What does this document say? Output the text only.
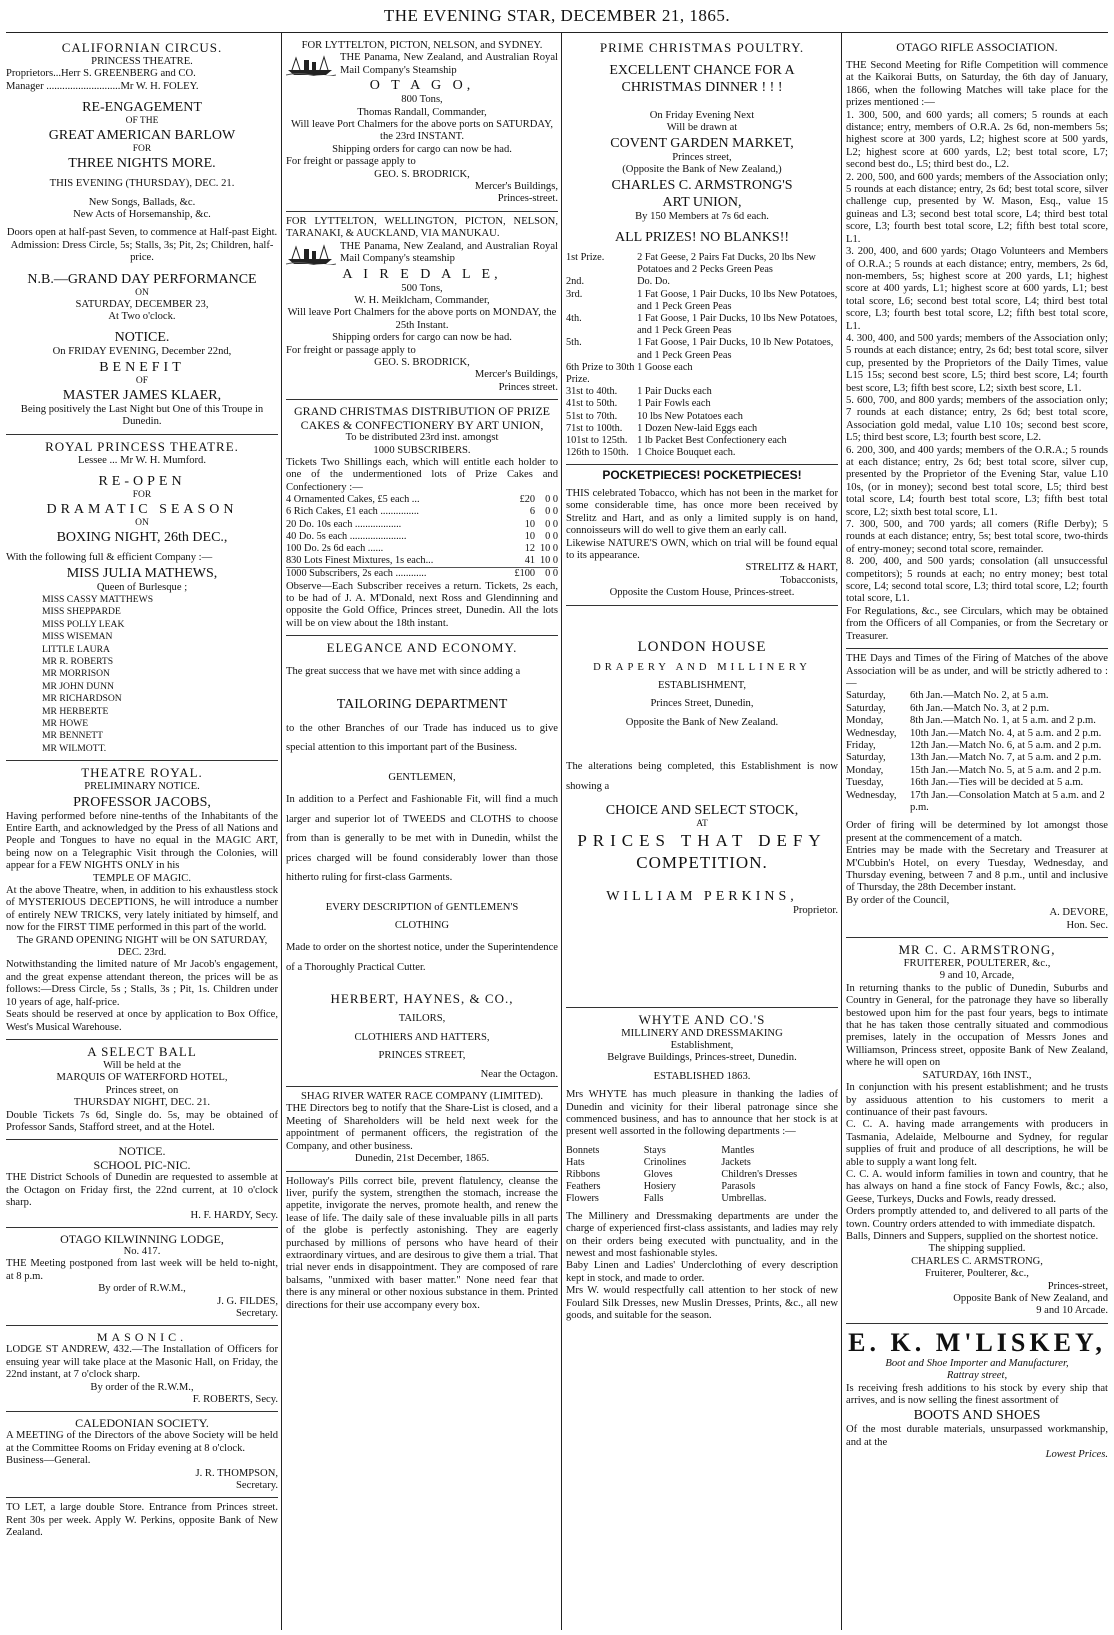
THE EVENING STAR, DECEMBER 21, 1865.
CALIFORNIAN CIRCUS.
PRINCESS THEATRE.
Proprietors...Herr S. GREENBERG and CO.
Manager ............................Mr W. H. FOLEY.
RE-ENGAGEMENT
OF THE
GREAT AMERICAN BARLOW
FOR
THREE NIGHTS MORE.
THIS EVENING (THURSDAY), DEC. 21.
New Songs, Ballads, &c.
New Acts of Horsemanship, &c.
Doors open at half-past Seven, to commence at Half-past Eight.
Admission: Dress Circle, 5s; Stalls, 3s; Pit, 2s; Children, half-price.
N.B.—GRAND DAY PERFORMANCE
ON
SATURDAY, DECEMBER 23,
At Two o'clock.
NOTICE.
On FRIDAY EVENING, December 22nd,
BENEFIT
OF
MASTER JAMES KLAER,
Being positively the Last Night but One of this Troupe in Dunedin.
ROYAL PRINCESS THEATRE.
Lessee ... Mr W. H. Mumford.
RE-OPEN
FOR
DRAMATIC SEASON
ON
BOXING NIGHT, 26th DEC.,
With the following full & efficient Company :—
MISS JULIA MATHEWS,
Queen of Burlesque ;
MISS CASSY MATTHEWS
MISS SHEPPARDE
MISS POLLY LEAK
MISS WISEMAN
LITTLE LAURA
MR R. ROBERTS
MR MORRISON
MR JOHN DUNN
MR RICHARDSON
MR HERBERTE
MR HOWE
MR BENNETT
MR WILMOTT.
THEATRE ROYAL.
PRELIMINARY NOTICE.
PROFESSOR JACOBS,
Having performed before nine-tenths of the Inhabitants of the Entire Earth, and acknowledged by the Press of all Nations and People and Tongues to have no equal in the MAGIC ART, being now on a Telegraphic Visit through the Colonies, will appear for a FEW NIGHTS ONLY in his
TEMPLE OF MAGIC.
At the above Theatre, when, in addition to his exhaustless stock of MYSTERIOUS DECEPTIONS, he will introduce a number of entirely NEW TRICKS, very lately initiated by himself, and now for the FIRST TIME performed in this part of the world.
The GRAND OPENING NIGHT will be ON SATURDAY, DEC. 23rd.
Notwithstanding the limited nature of Mr Jacob's engagement, and the great expense attendant thereon, the prices will be as follows:—Dress Circle, 5s ; Stalls, 3s ; Pit, 1s. Children under 10 years of age, half-price.
Seats should be reserved at once by application to Box Office, West's Musical Warehouse.
A SELECT BALL
Will be held at the
MARQUIS OF WATERFORD HOTEL,
Princes street, on
THURSDAY NIGHT, DEC. 21.
Double Tickets 7s 6d, Single do. 5s, may be obtained of Professor Sands, Stafford street, and at the Hotel.
NOTICE.
SCHOOL PIC-NIC.
THE District Schools of Dunedin are requested to assemble at the Octagon on Friday first, the 22nd current, at 10 o'clock sharp.
H. F. HARDY, Secy.
OTAGO KILWINNING LODGE,
No. 417.
THE Meeting postponed from last week will be held to-night, at 8 p.m.
By order of R.W.M.,
J. G. FILDES,
Secretary.
MASONIC.
LODGE ST ANDREW, 432.—The Installation of Officers for ensuing year will take place at the Masonic Hall, on Friday, the 22nd instant, at 7 o'clock sharp.
By order of the R.W.M.,
F. ROBERTS, Secy.
CALEDONIAN SOCIETY.
A MEETING of the Directors of the above Society will be held at the Committee Rooms on Friday evening at 8 o'clock.
Business—General.
J. R. THOMPSON,
Secretary.
TO LET, a large double Store. Entrance from Princes street. Rent 30s per week. Apply W. Perkins, opposite Bank of New Zealand.
FOR LYTTELTON, PICTON, NELSON, and SYDNEY.
THE Panama, New Zealand, and Australian Royal Mail Company's Steamship
O T A G O,
800 Tons,
Thomas Randall, Commander,
Will leave Port Chalmers for the above ports on SATURDAY, the 23rd INSTANT.
Shipping orders for cargo can now be had.
For freight or passage apply to
GEO. S. BRODRICK,
Mercer's Buildings,
Princes-street.
FOR LYTTELTON, WELLINGTON, PICTON, NELSON, TARANAKI, & AUCKLAND, VIA MANUKAU.
THE Panama, New Zealand, and Australian Royal Mail Company's steamship
A I R E D A L E,
500 Tons,
W. H. Meiklcham, Commander,
Will leave Port Chalmers for the above ports on MONDAY, the 25th Instant.
Shipping orders for cargo can now be had.
For freight or passage apply to
GEO. S. BRODRICK,
Mercer's Buildings,
Princes street.
GRAND CHRISTMAS DISTRIBUTION OF PRIZE CAKES & CONFECTIONERY BY ART UNION,
To be distributed 23rd inst. amongst
1000 SUBSCRIBERS.
Tickets Two Shillings each, which will entitle each holder to one of the undermentioned lots of Prize Cakes and Confectionery :—
4 Ornamented Cakes, £5 each ...	£20	0	0
6 Rich Cakes, £1 each ...............	6	0	0
20 Do. 10s each ..................	10	0	0
40 Do. 5s each ......................	10	0	0
100 Do. 2s 6d each ......	12	10	0
830 Lots Finest Mixtures, 1s each...	41	10	0
1000 Subscribers, 2s each ............	£100	0	0
Observe—Each Subscriber receives a return. Tickets, 2s each, to be had of J. A. M'Donald, next Ross and Glendinning and opposite the Gold Office, Princes street, Dunedin. All the lots will be on view about the 18th instant.
ELEGANCE AND ECONOMY.
The great success that we have met with since adding a
TAILORING DEPARTMENT
to the other Branches of our Trade has induced us to give special attention to this important part of the Business.
GENTLEMEN,
In addition to a Perfect and Fashionable Fit, will find a much larger and superior lot of TWEEDS and CLOTHS to choose from than is generally to be met with in Dunedin, whilst the prices charged will be found considerably lower than those hitherto ruling for first-class Garments.
EVERY DESCRIPTION of GENTLEMEN'S
CLOTHING
Made to order on the shortest notice, under the Superintendence of a Thoroughly Practical Cutter.
HERBERT, HAYNES, & CO.,
TAILORS,
CLOTHIERS AND HATTERS,
PRINCES STREET,
Near the Octagon.
SHAG RIVER WATER RACE COMPANY (LIMITED).
THE Directors beg to notify that the Share-List is closed, and a Meeting of Shareholders will be held next week for the appointment of permanent officers, the registration of the Company, and other business.
Dunedin, 21st December, 1865.
Holloway's Pills correct bile, prevent flatulency, cleanse the liver, purify the system, strengthen the stomach, increase the appetite, invigorate the nerves, promote health, and renew the lease of life. The daily sale of these invaluable pills in all parts of the globe is perfectly astonishing. They are eagerly purchased by millions of persons who have heard of their extraordinary virtues, and are desirous to give them a trial. That trial never ends in disappointment. They are composed of rare balsams, "unmixed with baser matter." None need fear that there is any mineral or other noxious substance in them. Printed directions for their use accompany every box.
PRIME CHRISTMAS POULTRY.
EXCELLENT CHANCE FOR A
CHRISTMAS DINNER ! ! !
On Friday Evening Next
Will be drawn at
COVENT GARDEN MARKET,
Princes street,
(Opposite the Bank of New Zealand,)
CHARLES C. ARMSTRONG'S
ART UNION,
By 150 Members at 7s 6d each.
ALL PRIZES! NO BLANKS!!
1st Prize.	2 Fat Geese, 2 Pairs Fat Ducks, 20 lbs New Potatoes and 2 Pecks Green Peas
2nd.	Do. Do.
3rd.	1 Fat Goose, 1 Pair Ducks, 10 lbs New Potatoes, and 1 Peck Green Peas
4th.	1 Fat Goose, 1 Pair Ducks, 10 lbs New Potatoes, and 1 Peck Green Peas
5th.	1 Fat Goose, 1 Pair Ducks, 10 lb New Potatoes, and 1 Peck Green Peas
6th Prize to 30th Prize.	1 Goose each
31st to 40th.	1 Pair Ducks each
41st to 50th.	1 Pair Fowls each
51st to 70th.	10 lbs New Potatoes each
71st to 100th.	1 Dozen New-laid Eggs each
101st to 125th.	1 lb Packet Best Confectionery each
126th to 150th.	1 Choice Bouquet each.
POCKETPIECES! POCKETPIECES!
THIS celebrated Tobacco, which has not been in the market for some considerable time, has once more been received by Strelitz and Hart, and as only a limited supply is on hand, connoisseurs will do well to give them an early call.
Likewise NATURE'S OWN, which on trial will be found equal to its appearance.
STRELITZ & HART,
Tobacconists,
Opposite the Custom House, Princes-street.
LONDON HOUSE
DRAPERY AND MILLINERY
ESTABLISHMENT,
Princes Street, Dunedin,
Opposite the Bank of New Zealand.
The alterations being completed, this Establishment is now showing a
CHOICE AND SELECT STOCK,
AT
PRICES THAT DEFY
COMPETITION.
WILLIAM PERKINS,
Proprietor.
WHYTE AND CO.'S
MILLINERY AND DRESSMAKING
Establishment,
Belgrave Buildings, Princes-street, Dunedin.
ESTABLISHED 1863.
Mrs WHYTE has much pleasure in thanking the ladies of Dunedin and vicinity for their liberal patronage since she commenced business, and has to announce that her stock is at present well assorted in the following departments :—
Bonnets	Stays	Mantles
Hats	Crinolines	Jackets
Ribbons	Gloves	Children's Dresses
Feathers	Hosiery	Parasols
Flowers	Falls	Umbrellas.
The Millinery and Dressmaking departments are under the charge of experienced first-class assistants, and ladies may rely on their orders being executed with punctuality, and in the newest and most fashionable styles.
Baby Linen and Ladies' Underclothing of every description kept in stock, and made to order.
Mrs W. would respectfully call attention to her stock of new Foulard Silk Dresses, new Muslin Dresses, Prints, &c., all new goods, and suitable for the season.
OTAGO RIFLE ASSOCIATION.
THE Second Meeting for Rifle Competition will commence at the Kaikorai Butts, on Saturday, the 6th day of January, 1866, when the following Matches will take place for the prizes mentioned :—
1. 300, 500, and 600 yards; all comers; 5 rounds at each distance; entry, members of O.R.A. 2s 6d, non-members 5s; highest score at 300 yards, L2; highest score at 500 yards, L2; highest score at 600 yards, L2; best total score, L7; second best do., L5; third best do., L2.
2. 200, 500, and 600 yards; members of the Association only; 5 rounds at each distance; entry, 2s 6d; best total score, silver challenge cup, presented by W. Mason, Esq., value 15 guineas and L3; second best total score, L4; third best total score, L3; fourth best total score, L2; fifth best total score, L1.
3. 200, 400, and 600 yards; Otago Volunteers and Members of O.R.A.; 5 rounds at each distance; entry, members, 2s 6d, non-members, 5s; highest score at 200 yards, L1; highest score at 400 yards, L1; highest score at 600 yards, L1; best total score, L6; second best total score, L4; third best total score, L3; fourth best total score, L2; fifth best total score, L1.
4. 300, 400, and 500 yards; members of the Association only; 5 rounds at each distance; entry, 2s 6d; best total score, silver cup, presented by the Proprietors of the Daily Times, value L15 15s; second best score, L5; third best score, L4; fourth best score, L3; fifth best score, L2; sixth best score, L1.
5. 600, 700, and 800 yards; members of the association only; 7 rounds at each distance; entry, 2s 6d; best total score, Association gold medal, value L10 10s; second best score, L5; third best score, L3; fourth best score, L2.
6. 200, 300, and 400 yards; members of the O.R.A.; 5 rounds at each distance; entry, 2s 6d; best total score, silver cup, presented by the Proprietor of the Evening Star, value L10 10s, (or in money); second best total score, L5; third best total score, L4; fourth best total score, L3; fifth best total score, L2; sixth best total score, L1.
7. 300, 500, and 700 yards; all comers (Rifle Derby); 5 rounds at each distance; entry, 5s; best total score, two-thirds of entry-money; second total score, remainder.
8. 200, 400, and 500 yards; consolation (all unsuccessful competitors); 5 rounds at each; no entry money; best total score, L4; second total score, L3; third total score, L2; fourth total score, L1.
For Regulations, &c., see Circulars, which may be obtained from the Officers of all Companies, or from the Secretary or Treasurer.
THE Days and Times of the Firing of Matches of the above Association will be as under, and will be strictly adhered to :—
Saturday,	6th Jan.—Match No. 2, at 5 a.m.
Saturday,	6th Jan.—Match No. 3, at 2 p.m.
Monday,	8th Jan.—Match No. 1, at 5 a.m. and 2 p.m.
Wednesday,	10th Jan.—Match No. 4, at 5 a.m. and 2 p.m.
Friday,	12th Jan.—Match No. 6, at 5 a.m. and 2 p.m.
Saturday,	13th Jan.—Match No. 7, at 5 a.m. and 2 p.m.
Monday,	15th Jan.—Match No. 5, at 5 a.m. and 2 p.m.
Tuesday,	16th Jan.—Ties will be decided at 5 a.m.
Wednesday,	17th Jan.—Consolation Match at 5 a.m. and 2 p.m.
Order of firing will be determined by lot amongst those present at the commencement of a match.
Entries may be made with the Secretary and Treasurer at M'Cubbin's Hotel, on every Tuesday, Wednesday, and Thursday evening, between 7 and 8 p.m., until and inclusive of Thursday, the 28th December instant.
By order of the Council,
A. DEVORE,
Hon. Sec.
MR C. C. ARMSTRONG,
FRUITERER, POULTERER, &c.,
9 and 10, Arcade,
In returning thanks to the public of Dunedin, Suburbs and Country in General, for the patronage they have so liberally bestowed upon him for the past four years, begs to intimate that he has taken those centrally situated and commodious premises, lately in the occupation of Messrs Jones and Williamson, Princess street, opposite Bank of New Zealand, where he will open on
SATURDAY, 16th INST.,
In conjunction with his present establishment; and he trusts by assiduous attention to his customers to merit a continuance of their past favours.
C. C. A. having made arrangements with producers in Tasmania, Adelaide, Melbourne and Sydney, for regular supplies of fruit and produce of all descriptions, he will be able to supply a want long felt.
C. C. A. would inform families in town and country, that he has always on hand a fine stock of Fancy Fowls, &c.; also, Geese, Turkeys, Ducks and Fowls, ready dressed.
Orders promptly attended to, and delivered to all parts of the town. Country orders attended to with immediate dispatch.
Balls, Dinners and Suppers, supplied on the shortest notice.
The shipping supplied.
CHARLES C. ARMSTRONG,
Fruiterer, Poulterer, &c.,
Princes-street,
Opposite Bank of New Zealand, and
9 and 10 Arcade.
E. K. M'LISKEY,
Boot and Shoe Importer and Manufacturer,
Rattray street,
Is receiving fresh additions to his stock by every ship that arrives, and is now selling the finest assortment of
BOOTS AND SHOES
Of the most durable materials, unsurpassed workmanship, and at the
Lowest Prices.
